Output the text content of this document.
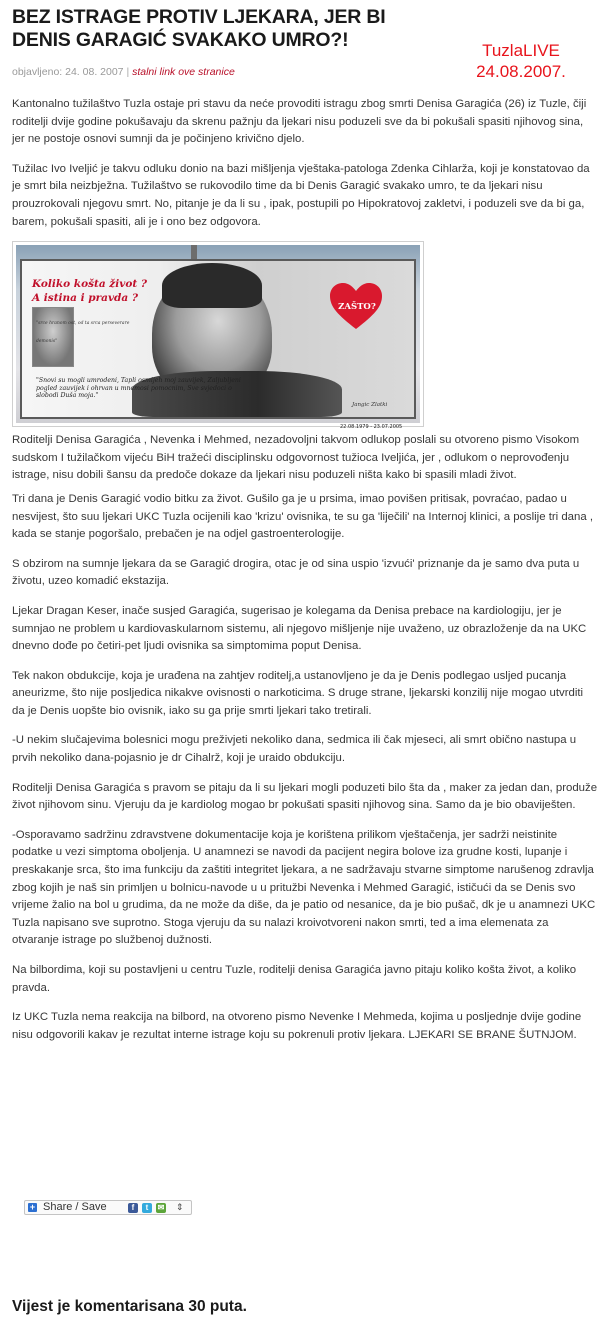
BEZ ISTRAGE PROTIV LJEKARA, JER BI DENIS GARAGIĆ SVAKAKO UMRO?!	TuzlaLIVE
24.08.2007.
objavljeno: 24. 08. 2007 | stalni link ove stranice

Kantonalno tužilaštvo Tuzla ostaje pri stavu da neće provoditi istragu zbog smrti Denisa Garagića (26) iz Tuzle, čiji roditelji dvije godine pokušavaju da skrenu pažnju da ljekari nisu poduzeli sve da bi pokušali spasiti njihovog sina, jer ne postoje osnovi sumnji da je počinjeno krivično djelo.

Tužilac Ivo Iveljić je takvu odluku donio na bazi mišljenja vještaka-patologa Zdenka Cihlarža, koji je konstatovao da je smrt bila neizbježna. Tužilaštvo se rukovodilo time da bi Denis Garagić svakako umro, te da ljekari nisu prouzrokovali njegovu smrt. No, pitanje je da li su , ipak, postupili po Hipokratovoj zakletvi, i poduzeli sve da bi ga, barem, pokušali spasiti, ali je i ono bez odgovora.

Koliko košta život ?
A istina i pravda ?
"srce hranom ost, od ta srca perseverare demonis"
ZAŠTO?
"Snovi su mogli umrodeni, Tapli osmijeh moj zauvijek, Zaljubljeni pogled zauvijek i ohrvan u mnemosi pomocnim, Sve svjedoci o slobodi Duša moja."
Jangic Zlatki
22.08.1979 - 23.07.2005

Roditelji Denisa Garagića , Nevenka i Mehmed, nezadovoljni takvom odlukop poslali su otvoreno pismo Visokom sudskom I tužilačkom vijeću BiH tražeći disciplinsku odgovornost tužioca Iveljića, jer , odlukom o neprovođenju istrage, nisu dobili šansu da predoče dokaze da ljekari nisu poduzeli ništa kako bi spasili mladi život.

Tri dana je Denis Garagić vodio bitku za život. Gušilo ga je u prsima, imao povišen pritisak, povraćao, padao u nesvijest, što suu ljekari UKC Tuzla ocijenili kao 'krizu' ovisnika, te su ga 'liječili' na Internoj klinici, a poslije tri dana , kada se stanje pogoršalo, prebačen je na odjel gastroenterologije.

S obzirom na sumnje ljekara da se Garagić drogira, otac je od sina uspio 'izvući' priznanje da je samo dva puta u životu, uzeo komadić ekstazija.

Ljekar Dragan Keser, inače susjed Garagića, sugerisao je kolegama da Denisa prebace na kardiologiju, jer je sumnjao ne problem u kardiovaskularnom sistemu, ali njegovo mišljenje nije uvaženo, uz obrazloženje da na UKC dnevno dođe po četiri-pet ljudi ovisnika sa simptomima poput Denisa.

Tek nakon obdukcije, koja je urađena na zahtjev roditelj,a ustanovljeno je da je Denis podlegao usljed pucanja aneurizme, što nije posljedica nikakve ovisnosti o narkoticima. S druge strane, ljekarski konzilij nije mogao utvrditi da je Denis uopšte bio ovisnik, iako su ga prije smrti ljekari tako tretirali.

-U nekim slučajevima bolesnici mogu preživjeti nekoliko dana, sedmica ili čak mjeseci, ali smrt obično nastupa u prvih nekoliko dana-pojasnio je dr Cihalrž, koji je uraido obdukciju.

Roditelji Denisa Garagića s pravom se pitaju da li su ljekari mogli poduzeti bilo šta da , maker za jedan dan, produže život njihovom sinu. Vjeruju da je kardiolog mogao br pokušati spasiti njihovog sina. Samo da je bio obaviješten.

-Osporavamo sadržinu zdravstvene dokumentacije koja je korištena prilikom vještačenja, jer sadrži neistinite podatke u vezi simptoma oboljenja. U anamnezi se navodi da pacijent negira bolove iza grudne kosti, lupanje i preskakanje srca, što ima funkciju da zaštiti integritet ljekara, a ne sadržavaju stvarne simptome narušenog zdravlja zbog kojih je naš sin primljen u bolnicu-navode u u pritužbi Nevenka i Mehmed Garagić, ističući da se Denis svo vrijeme žalio na bol u grudima, da ne može da diše, da je patio od nesanice, da je bio pušač, dk je u anamnezi UKC Tuzla napisano sve suprotno. Stoga vjeruju da su nalazi kroivotvoreni nakon smrti, ted a ima elemenata za otvaranje istrage po službenoj dužnosti.

Na bilbordima, koji su postavljeni u centru Tuzle, roditelji denisa Garagića javno pitaju koliko košta život, a koliko pravda.

Iz UKC Tuzla nema reakcija na bilbord, na otvoreno pismo Nevenke I Mehmeda, kojima u posljednje dvije godine nisu odgovorili kakav je rezultat interne istrage koju su pokrenuli protiv ljekara. LJEKARI SE BRANE ŠUTNJOM.

+ Share / Save	f	t	✉ ⇕
Vijest je komentarisana 30 puta.
